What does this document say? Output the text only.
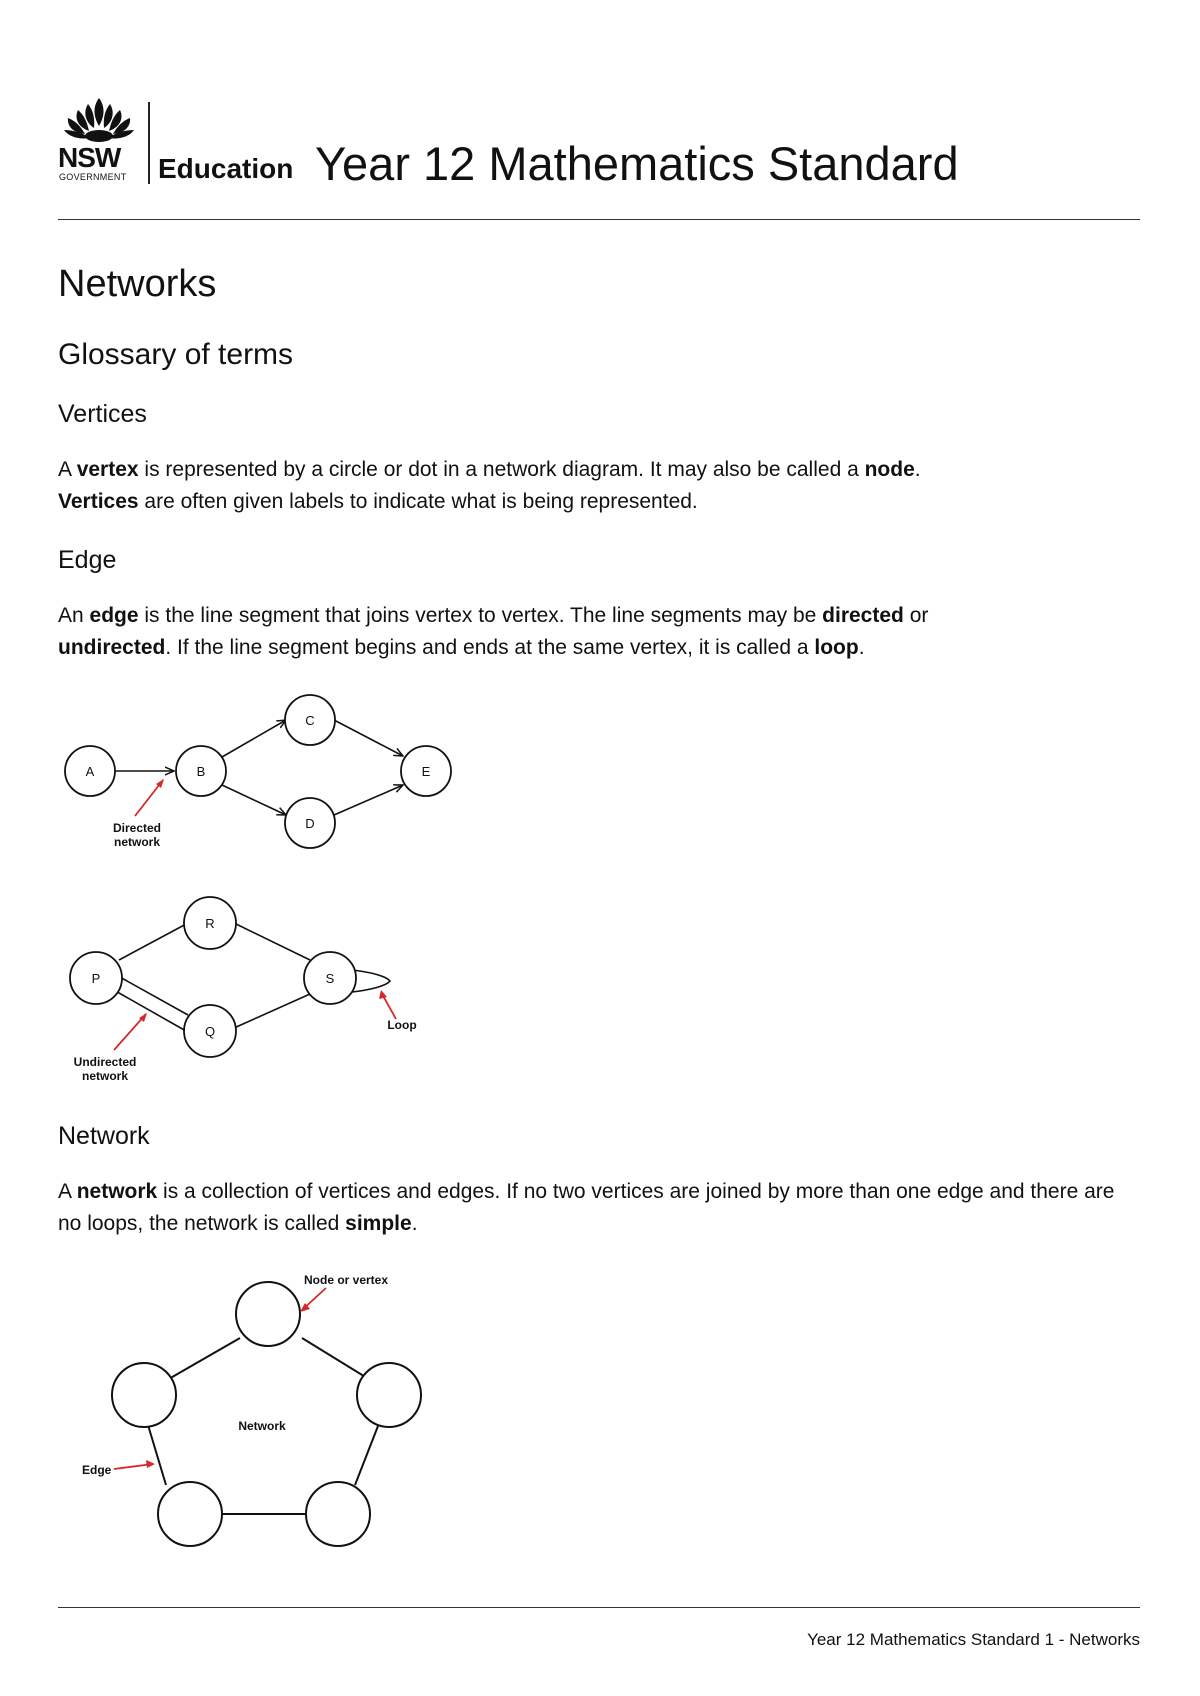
NSW
GOVERNMENT Education Year 12 Mathematics Standard
Networks
Glossary of terms
Vertices

A vertex is represented by a circle or dot in a network diagram. It may also be called a node.
Vertices are often given labels to indicate what is being represented.

Edge

An edge is the line segment that joins vertex to vertex. The line segments may be directed or
undirected. If the line segment begins and ends at the same vertex, it is called a loop.

A	B
C
D
E
Directed
network
P
R
S
Q
Undirected
network
Loop
Network

A network is a collection of vertices and edges. If no two vertices are joined by more than one edge and there are no loops, the network is called simple.

Node or vertex
Network
Edge
Year 12 Mathematics Standard 1 - Networks
